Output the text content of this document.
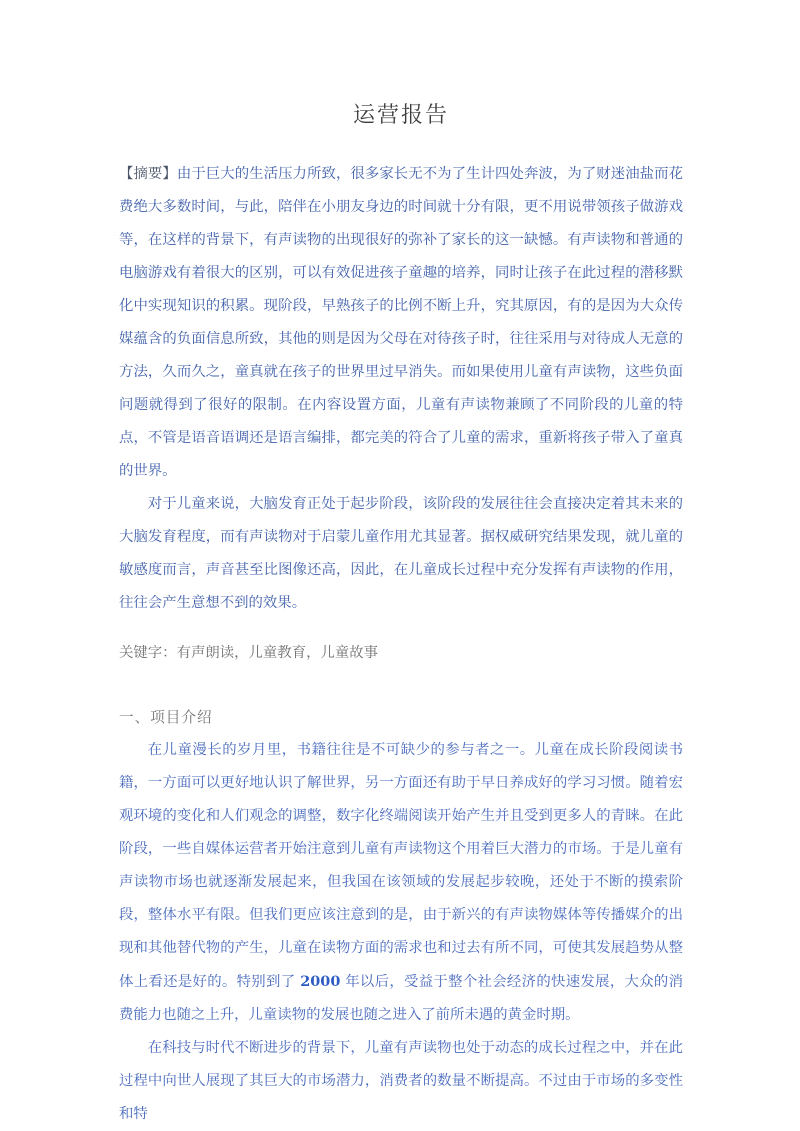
运营报告

【摘要】由于巨大的生活压力所致，很多家长无不为了生计四处奔波，为了财迷油盐而花费绝大多数时间，与此，陪伴在小朋友身边的时间就十分有限，更不用说带领孩子做游戏等，在这样的背景下，有声读物的出现很好的弥补了家长的这一缺憾。有声读物和普通的电脑游戏有着很大的区别，可以有效促进孩子童趣的培养，同时让孩子在此过程的潜移默化中实现知识的积累。现阶段，早熟孩子的比例不断上升，究其原因，有的是因为大众传媒蕴含的负面信息所致，其他的则是因为父母在对待孩子时，往往采用与对待成人无意的方法，久而久之，童真就在孩子的世界里过早消失。而如果使用儿童有声读物，这些负面问题就得到了很好的限制。在内容设置方面，儿童有声读物兼顾了不同阶段的儿童的特点，不管是语音语调还是语言编排，都完美的符合了儿童的需求，重新将孩子带入了童真的世界。

对于儿童来说，大脑发育正处于起步阶段，该阶段的发展往往会直接决定着其未来的大脑发育程度，而有声读物对于启蒙儿童作用尤其显著。据权威研究结果发现，就儿童的敏感度而言，声音甚至比图像还高，因此，在儿童成长过程中充分发挥有声读物的作用，往往会产生意想不到的效果。

关键字：有声朗读，儿童教育，儿童故事

一、项目介绍

在儿童漫长的岁月里，书籍往往是不可缺少的参与者之一。儿童在成长阶段阅读书籍，一方面可以更好地认识了解世界，另一方面还有助于早日养成好的学习习惯。随着宏观环境的变化和人们观念的调整，数字化终端阅读开始产生并且受到更多人的青睐。在此阶段，一些自媒体运营者开始注意到儿童有声读物这个用着巨大潜力的市场。于是儿童有声读物市场也就逐渐发展起来，但我国在该领域的发展起步较晚，还处于不断的摸索阶段，整体水平有限。但我们更应该注意到的是，由于新兴的有声读物媒体等传播媒介的出现和其他替代物的产生，儿童在读物方面的需求也和过去有所不同，可使其发展趋势从整体上看还是好的。特别到了 2000 年以后，受益于整个社会经济的快速发展，大众的消费能力也随之上升，儿童读物的发展也随之进入了前所未遇的黄金时期。

在科技与时代不断进步的背景下，儿童有声读物也处于动态的成长过程之中，并在此过程中向世人展现了其巨大的市场潜力，消费者的数量不断提高。不过由于市场的多变性和特
